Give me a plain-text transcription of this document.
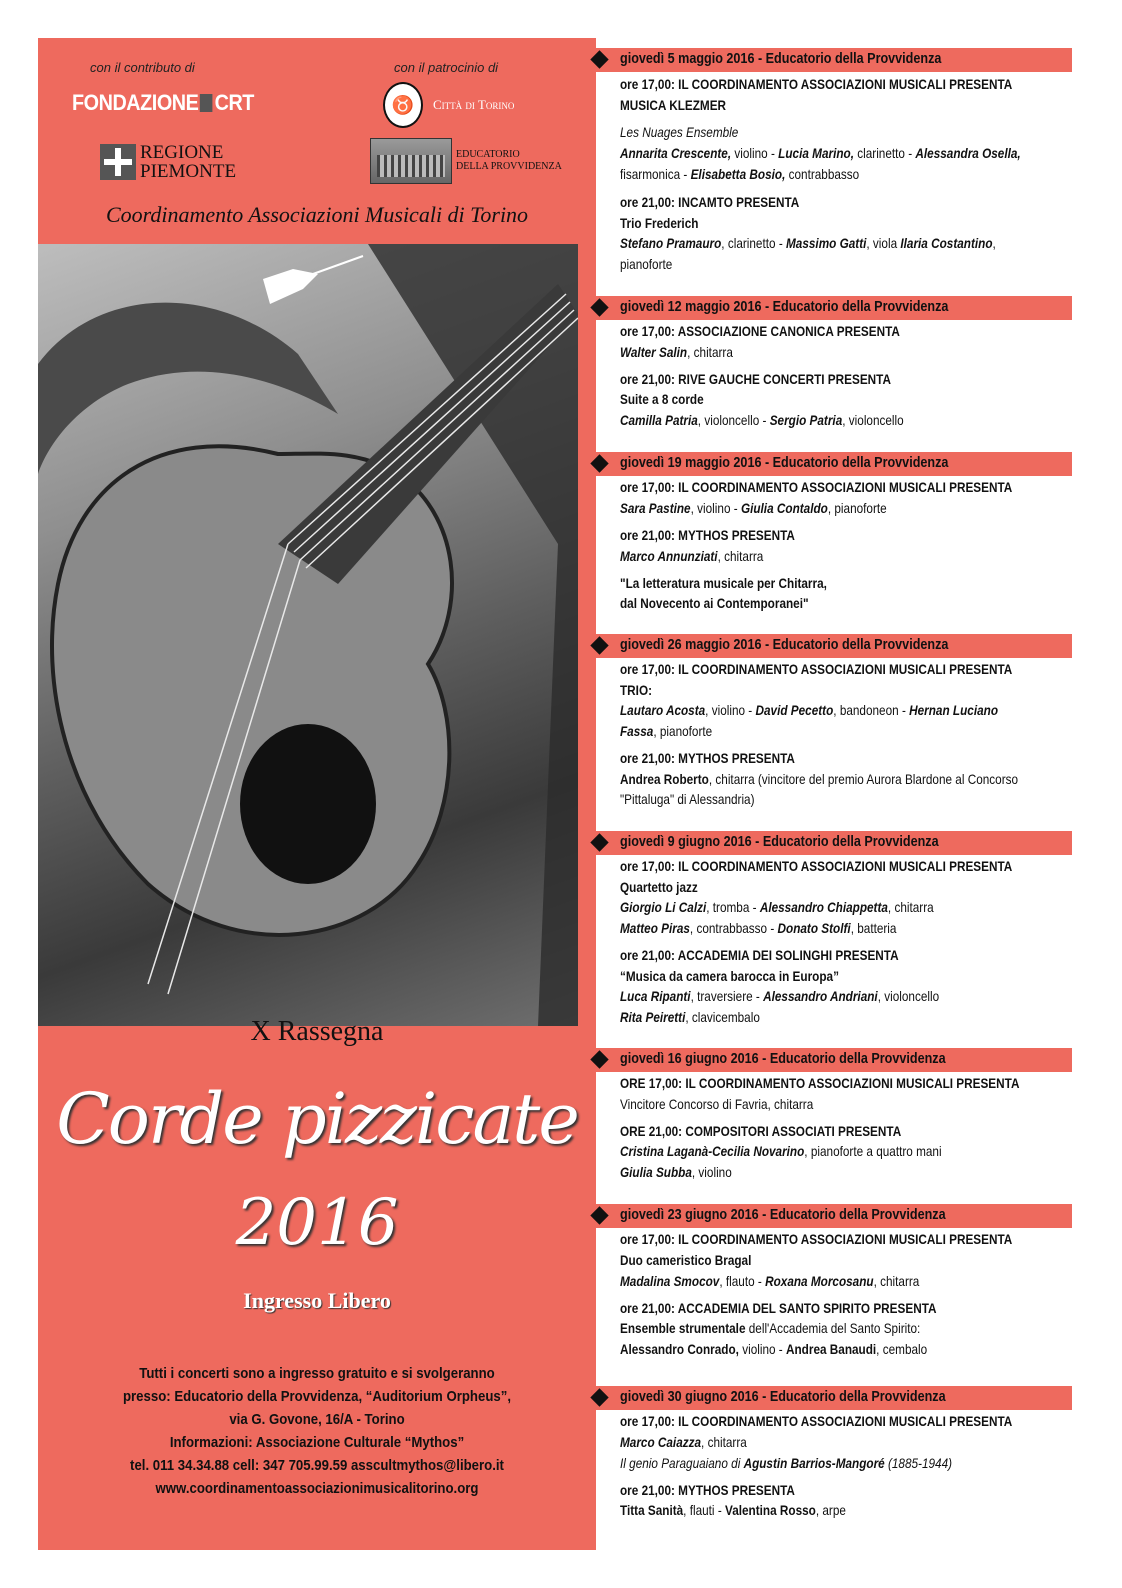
con il contributo di	con il patrocinio di
FONDAZIONE CRT
REGIONE
PIEMONTE
♉	Città di Torino
EDUCATORIO
DELLA PROVVIDENZA
Coordinamento Associazioni Musicali di Torino
X Rassegna
Corde pizzicate
2016
Ingresso Libero
Tutti i concerti sono a ingresso gratuito e si svolgeranno
presso: Educatorio della Provvidenza, “Auditorium Orpheus”,
via G. Govone, 16/A - Torino
Informazioni: Associazione Culturale “Mythos”
tel. 011 34.34.88 cell: 347 705.99.59 asscultmythos@libero.it
www.coordinamentoassociazionimusicalitorino.org
giovedì 5 maggio 2016 - Educatorio della Provvidenza
ore 17,00: IL COORDINAMENTO ASSOCIAZIONI MUSICALI PRESENTA
MUSICA KLEZMER
Les Nuages Ensemble
Annarita Crescente, violino - Lucia Marino, clarinetto - Alessandra Osella,
fisarmonica - Elisabetta Bosio, contrabbasso
ore 21,00: INCAMTO PRESENTA
Trio Frederich
Stefano Pramauro, clarinetto - Massimo Gatti, viola Ilaria Costantino,
pianoforte
giovedì 12 maggio 2016 - Educatorio della Provvidenza
ore 17,00: ASSOCIAZIONE CANONICA PRESENTA
Walter Salin, chitarra
ore 21,00: RIVE GAUCHE CONCERTI PRESENTA
Suite a 8 corde
Camilla Patria, violoncello - Sergio Patria, violoncello
giovedì 19 maggio 2016 - Educatorio della Provvidenza
ore 17,00: IL COORDINAMENTO ASSOCIAZIONI MUSICALI PRESENTA
Sara Pastine, violino - Giulia Contaldo, pianoforte
ore 21,00: MYTHOS PRESENTA
Marco Annunziati, chitarra
"La letteratura musicale per Chitarra,
dal Novecento ai Contemporanei"
giovedì 26 maggio 2016 - Educatorio della Provvidenza
ore 17,00: IL COORDINAMENTO ASSOCIAZIONI MUSICALI PRESENTA
TRIO:
Lautaro Acosta, violino - David Pecetto, bandoneon - Hernan Luciano
Fassa, pianoforte
ore 21,00: MYTHOS PRESENTA
Andrea Roberto, chitarra (vincitore del premio Aurora Blardone al Concorso
"Pittaluga" di Alessandria)
giovedì 9 giugno 2016 - Educatorio della Provvidenza
ore 17,00: IL COORDINAMENTO ASSOCIAZIONI MUSICALI PRESENTA
Quartetto jazz
Giorgio Li Calzi, tromba - Alessandro Chiappetta, chitarra
Matteo Piras, contrabbasso - Donato Stolfi, batteria
ore 21,00: ACCADEMIA DEI SOLINGHI PRESENTA
“Musica da camera barocca in Europa”
Luca Ripanti, traversiere - Alessandro Andriani, violoncello
Rita Peiretti, clavicembalo
giovedì 16 giugno 2016 - Educatorio della Provvidenza
ORE 17,00: IL COORDINAMENTO ASSOCIAZIONI MUSICALI PRESENTA
Vincitore Concorso di Favria, chitarra
ORE 21,00: COMPOSITORI ASSOCIATI PRESENTA
Cristina Laganà-Cecilia Novarino, pianoforte a quattro mani
Giulia Subba, violino
giovedì 23 giugno 2016 - Educatorio della Provvidenza
ore 17,00: IL COORDINAMENTO ASSOCIAZIONI MUSICALI PRESENTA
Duo cameristico Bragal
Madalina Smocov, flauto - Roxana Morcosanu, chitarra
ore 21,00: ACCADEMIA DEL SANTO SPIRITO PRESENTA
Ensemble strumentale dell'Accademia del Santo Spirito:
Alessandro Conrado, violino - Andrea Banaudi, cembalo
giovedì 30 giugno 2016 - Educatorio della Provvidenza
ore 17,00: IL COORDINAMENTO ASSOCIAZIONI MUSICALI PRESENTA
Marco Caiazza, chitarra
Il genio Paraguaiano di Agustin Barrios-Mangoré (1885-1944)
ore 21,00: MYTHOS PRESENTA
Titta Sanità, flauti - Valentina Rosso, arpe
